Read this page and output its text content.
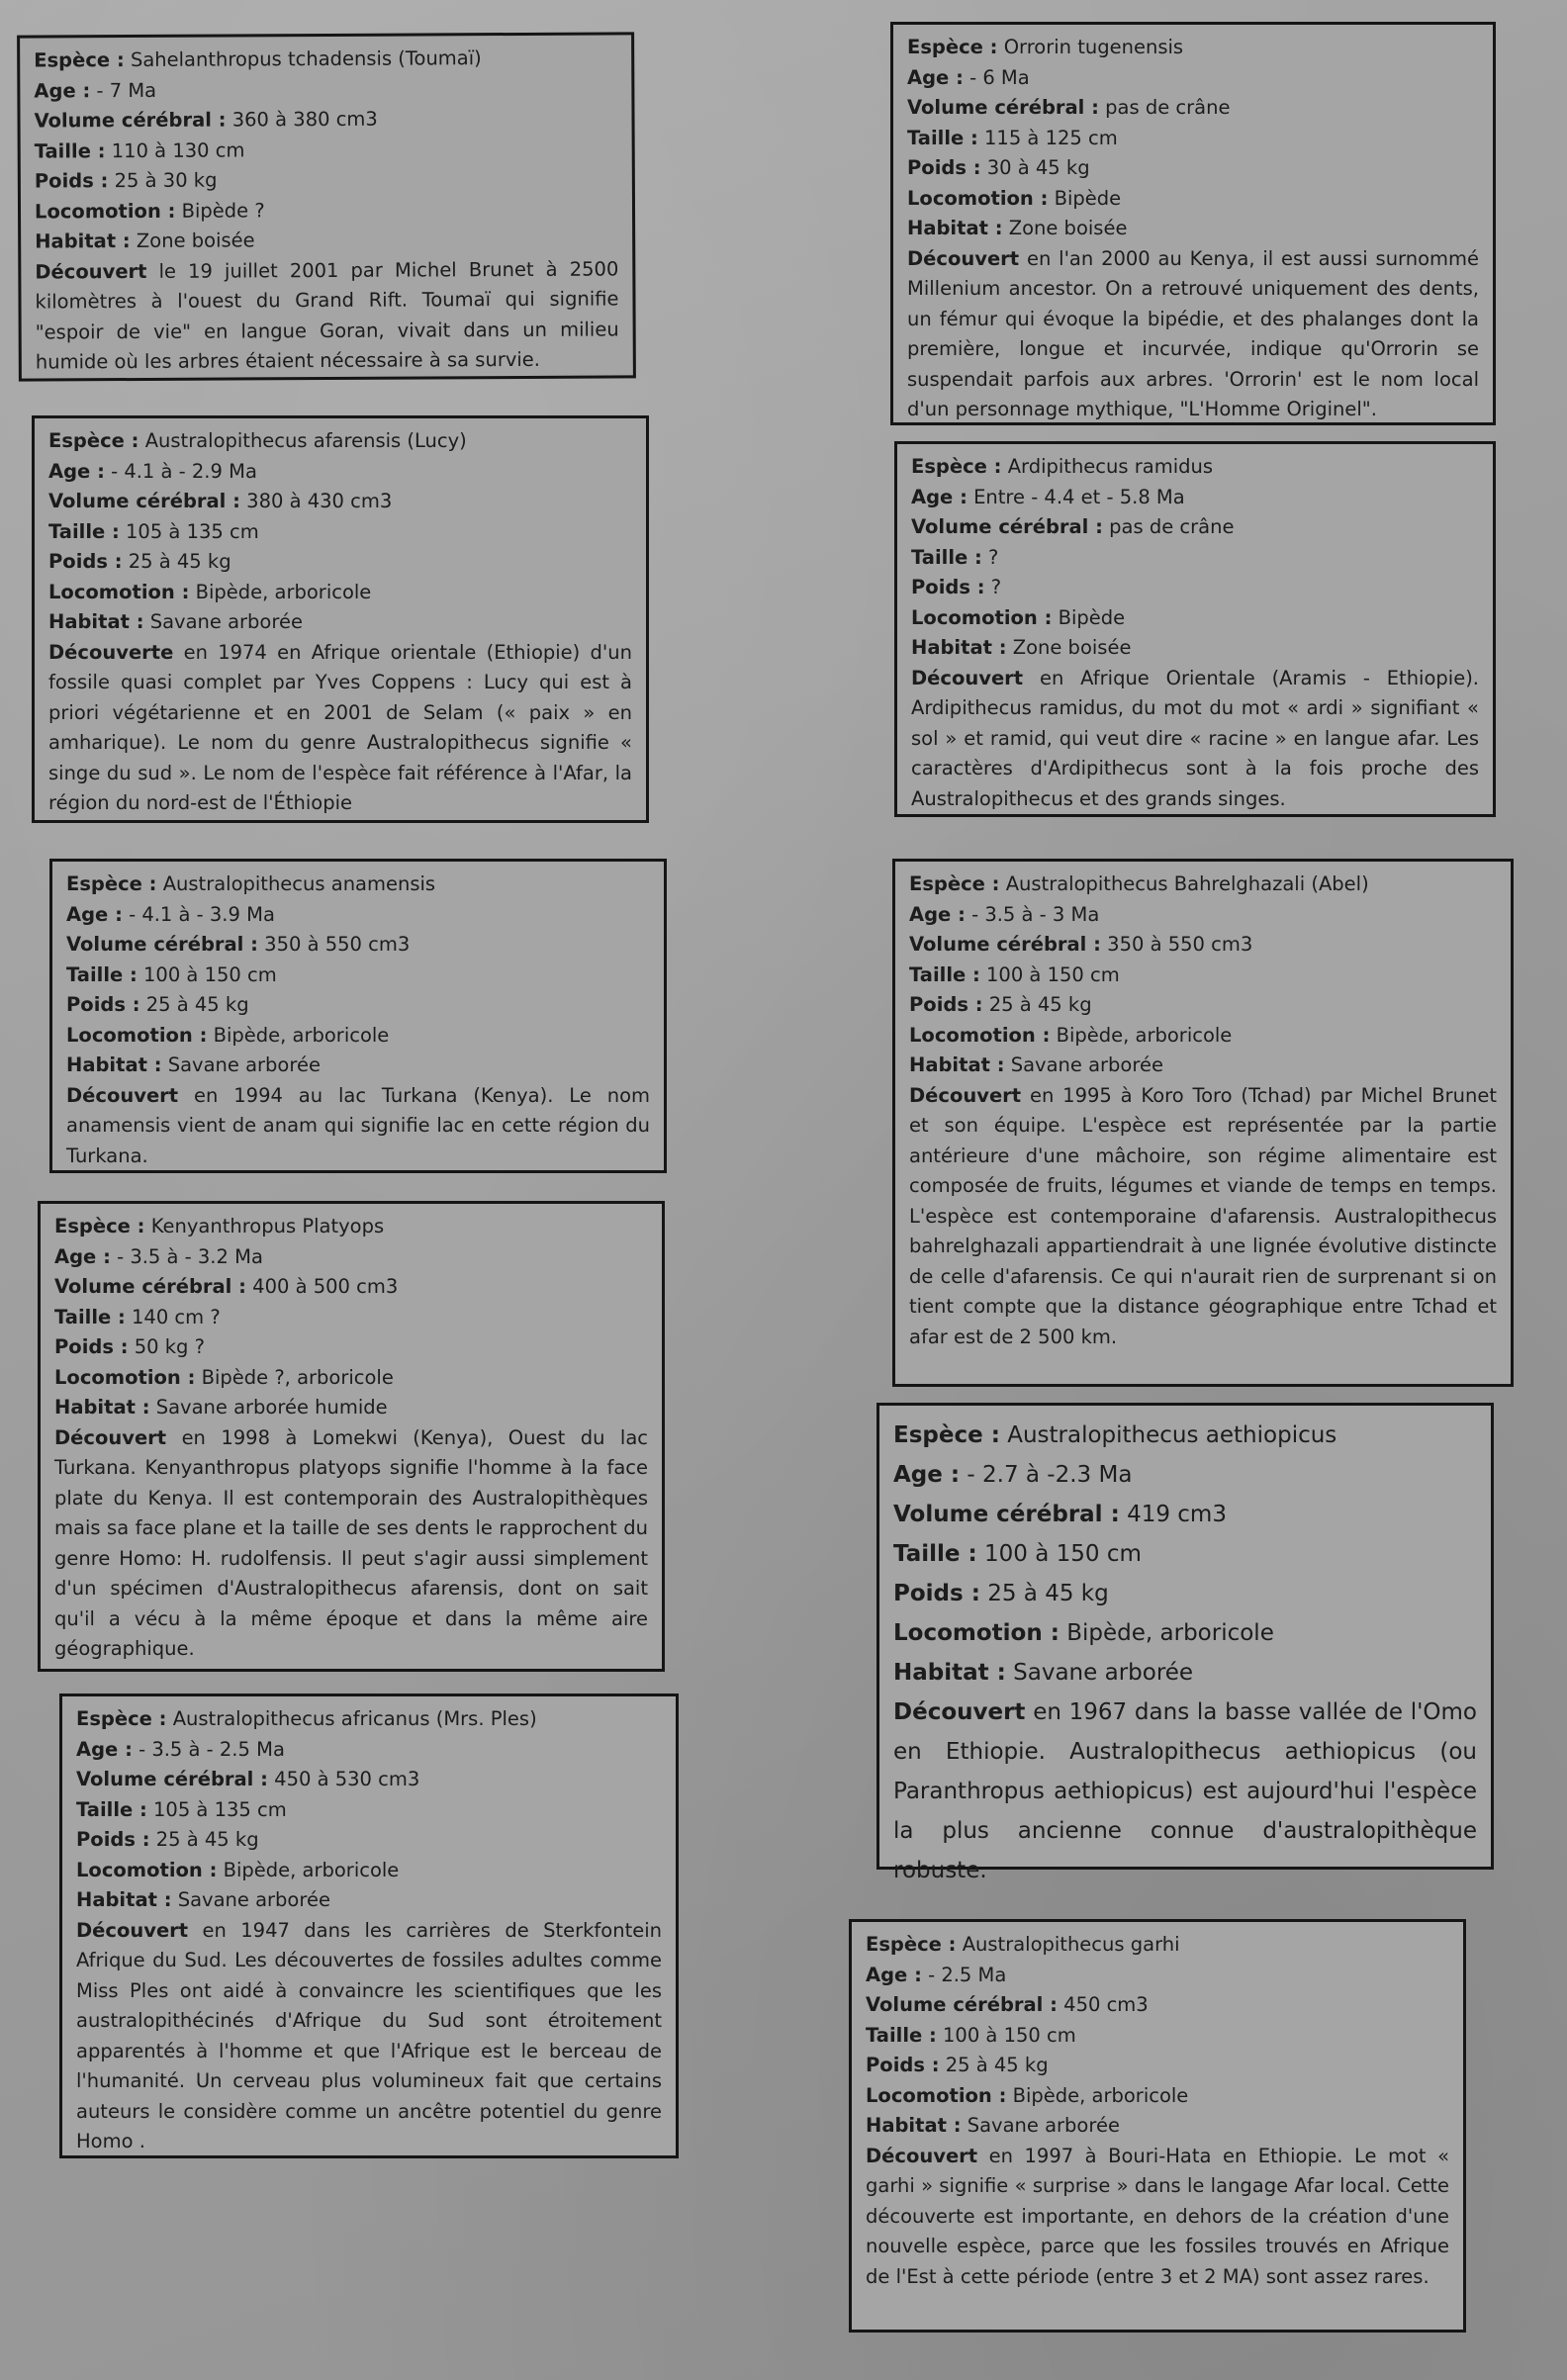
Espèce : Sahelanthropus tchadensis (Toumaï)
Age : - 7 Ma
Volume cérébral : 360 à 380 cm3
Taille : 110 à 130 cm
Poids : 25 à 30 kg
Locomotion : Bipède ?
Habitat : Zone boisée
Découvert le 19 juillet 2001 par Michel Brunet à 2500 kilomètres à l'ouest du Grand Rift. Toumaï qui signifie "espoir de vie" en langue Goran, vivait dans un milieu humide où les arbres étaient nécessaire à sa survie.
Espèce : Orrorin tugenensis
Age : - 6 Ma
Volume cérébral : pas de crâne
Taille : 115 à 125 cm
Poids : 30 à 45 kg
Locomotion : Bipède
Habitat : Zone boisée
Découvert en l'an 2000 au Kenya, il est aussi surnommé Millenium ancestor. On a retrouvé uniquement des dents, un fémur qui évoque la bipédie, et des phalanges dont la première, longue et incurvée, indique qu'Orrorin se suspendait parfois aux arbres. 'Orrorin' est le nom local d'un personnage mythique, "L'Homme Originel".
Espèce : Australopithecus afarensis (Lucy)
Age : - 4.1 à - 2.9 Ma
Volume cérébral : 380 à 430 cm3
Taille : 105 à 135 cm
Poids : 25 à 45 kg
Locomotion : Bipède, arboricole
Habitat : Savane arborée
Découverte en 1974 en Afrique orientale (Ethiopie) d'un fossile quasi complet par Yves Coppens : Lucy qui est à priori végétarienne et en 2001 de Selam (« paix » en amharique). Le nom du genre Australopithecus signifie « singe du sud ». Le nom de l'espèce fait référence à l'Afar, la région du nord-est de l'Éthiopie
Espèce : Ardipithecus ramidus
Age : Entre - 4.4 et - 5.8 Ma
Volume cérébral : pas de crâne
Taille : ?
Poids : ?
Locomotion : Bipède
Habitat : Zone boisée
Découvert en Afrique Orientale (Aramis - Ethiopie). Ardipithecus ramidus, du mot du mot « ardi » signifiant « sol » et ramid, qui veut dire « racine » en langue afar. Les caractères d'Ardipithecus sont à la fois proche des Australopithecus et des grands singes.
Espèce : Australopithecus anamensis
Age : - 4.1 à - 3.9 Ma
Volume cérébral : 350 à 550 cm3
Taille : 100 à 150 cm
Poids : 25 à 45 kg
Locomotion : Bipède, arboricole
Habitat : Savane arborée
Découvert en 1994 au lac Turkana (Kenya). Le nom anamensis vient de anam qui signifie lac en cette région du Turkana.
Espèce : Australopithecus Bahrelghazali (Abel)
Age : - 3.5 à - 3 Ma
Volume cérébral : 350 à 550 cm3
Taille : 100 à 150 cm
Poids : 25 à 45 kg
Locomotion : Bipède, arboricole
Habitat : Savane arborée
Découvert en 1995 à Koro Toro (Tchad) par Michel Brunet et son équipe. L'espèce est représentée par la partie antérieure d'une mâchoire, son régime alimentaire est composée de fruits, légumes et viande de temps en temps. L'espèce est contemporaine d'afarensis. Australopithecus bahrelghazali appartiendrait à une lignée évolutive distincte de celle d'afarensis. Ce qui n'aurait rien de surprenant si on tient compte que la distance géographique entre Tchad et afar est de 2 500 km.
Espèce : Kenyanthropus Platyops
Age : - 3.5 à - 3.2 Ma
Volume cérébral : 400 à 500 cm3
Taille : 140 cm ?
Poids : 50 kg ?
Locomotion : Bipède ?, arboricole
Habitat : Savane arborée humide
Découvert en 1998 à Lomekwi (Kenya), Ouest du lac Turkana. Kenyanthropus platyops signifie l'homme à la face plate du Kenya. Il est contemporain des Australopithèques mais sa face plane et la taille de ses dents le rapprochent du genre Homo: H. rudolfensis. Il peut s'agir aussi simplement d'un spécimen d'Australopithecus afarensis, dont on sait qu'il a vécu à la même époque et dans la même aire géographique.
Espèce : Australopithecus aethiopicus
Age : - 2.7 à -2.3 Ma
Volume cérébral : 419 cm3
Taille : 100 à 150 cm
Poids : 25 à 45 kg
Locomotion : Bipède, arboricole
Habitat : Savane arborée
Découvert en 1967 dans la basse vallée de l'Omo en Ethiopie. Australopithecus aethiopicus (ou Paranthropus aethiopicus) est aujourd'hui l'espèce la plus ancienne connue d'australopithèque robuste.
Espèce : Australopithecus africanus (Mrs. Ples)
Age : - 3.5 à - 2.5 Ma
Volume cérébral : 450 à 530 cm3
Taille : 105 à 135 cm
Poids : 25 à 45 kg
Locomotion : Bipède, arboricole
Habitat : Savane arborée
Découvert en 1947 dans les carrières de Sterkfontein Afrique du Sud. Les découvertes de fossiles adultes comme Miss Ples ont aidé à convaincre les scientifiques que les australopithécinés d'Afrique du Sud sont étroitement apparentés à l'homme et que l'Afrique est le berceau de l'humanité. Un cerveau plus volumineux fait que certains auteurs le considère comme un ancêtre potentiel du genre Homo .
Espèce : Australopithecus garhi
Age : - 2.5 Ma
Volume cérébral : 450 cm3
Taille : 100 à 150 cm
Poids : 25 à 45 kg
Locomotion : Bipède, arboricole
Habitat : Savane arborée
Découvert en 1997 à Bouri-Hata en Ethiopie. Le mot « garhi » signifie « surprise » dans le langage Afar local. Cette découverte est importante, en dehors de la création d'une nouvelle espèce, parce que les fossiles trouvés en Afrique de l'Est à cette période (entre 3 et 2 MA) sont assez rares.
